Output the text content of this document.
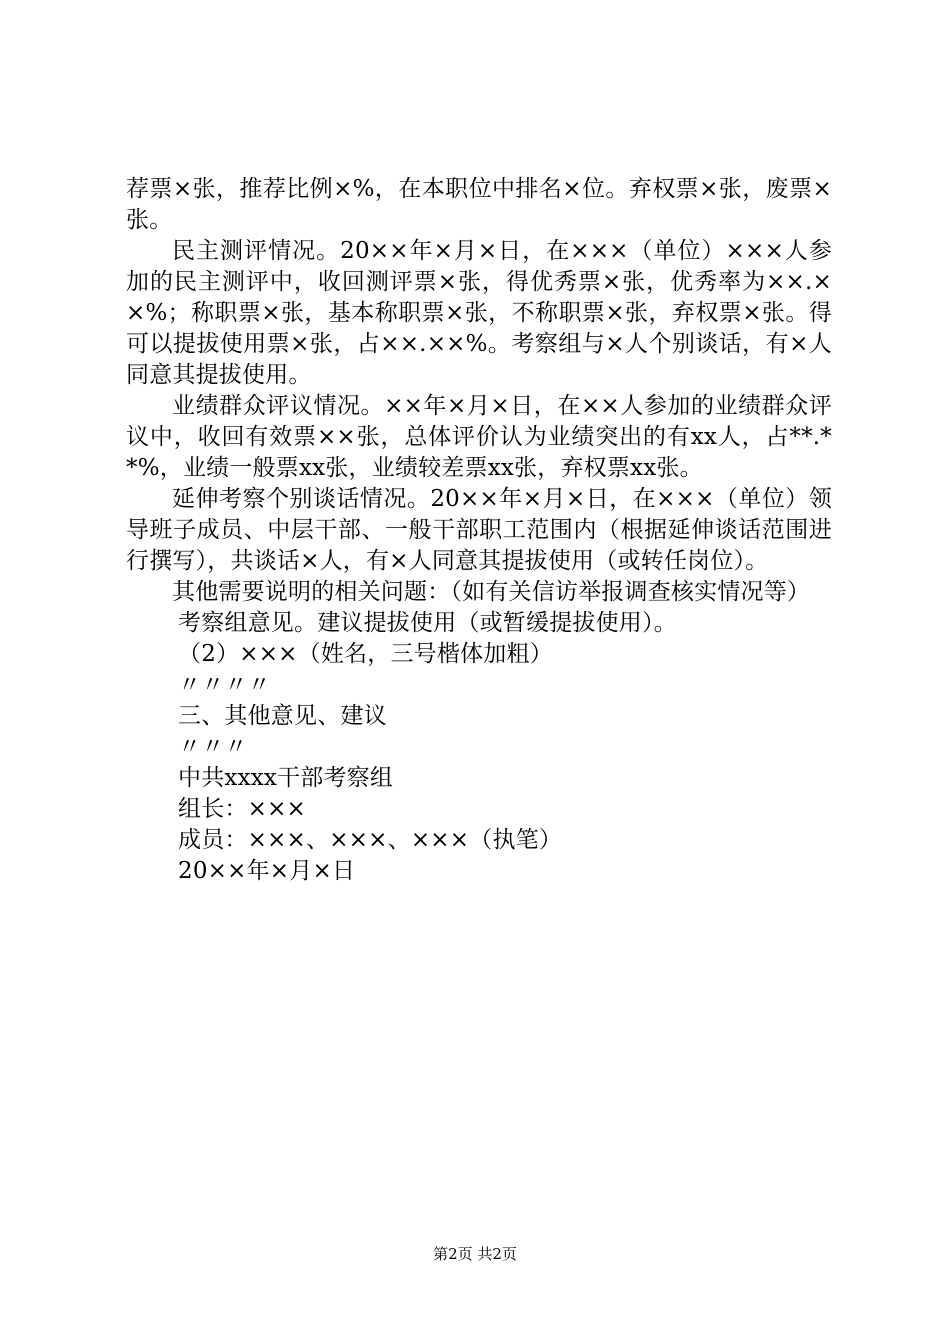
荐票×张，推荐比例×%，在本职位中排名×位。弃权票×张，废票×张。

民主测评情况。20××年×月×日，在×××（单位）×××人参加的民主测评中，收回测评票×张，得优秀票×张，优秀率为××.××%；称职票×张，基本称职票×张，不称职票×张，弃权票×张。得可以提拔使用票×张，占××.××%。考察组与×人个别谈话，有×人同意其提拔使用。

业绩群众评议情况。××年×月×日，在××人参加的业绩群众评议中，收回有效票××张，总体评价认为业绩突出的有xx人，占**.**%，业绩一般票xx张，业绩较差票xx张，弃权票xx张。

延伸考察个别谈话情况。20××年×月×日，在×××（单位）领导班子成员、中层干部、一般干部职工范围内（根据延伸谈话范围进行撰写），共谈话×人，有×人同意其提拔使用（或转任岗位）。

其他需要说明的相关问题：（如有关信访举报调查核实情况等）

考察组意见。建议提拔使用（或暂缓提拔使用）。

（2）×××（姓名，三号楷体加粗）

〃〃〃〃

三、其他意见、建议

〃〃〃

中共xxxx干部考察组

组长：×××

成员：×××、×××、×××（执笔）

20××年×月×日

第2页 共2页
